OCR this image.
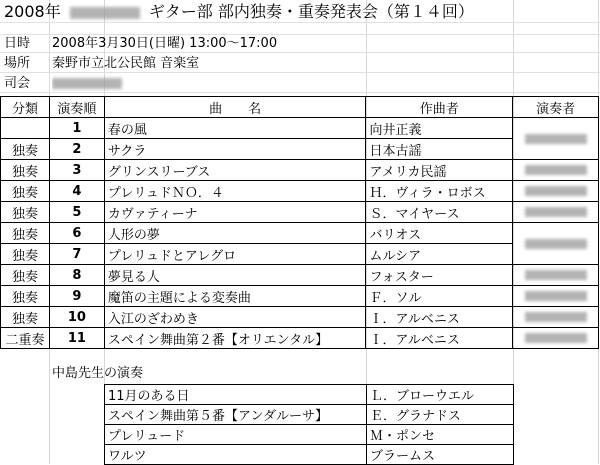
2008年	ギター部 部内独奏・重奏発表会（第１４回）
日時	2008年3月30日(日曜) 13:00～17:00
場所	秦野市立北公民館 音楽室
司会
分類	演奏順	曲　　名	作曲者	演奏者
	1	春の風	向井正義	
独奏	2	サクラ	日本古謡	
独奏	3	グリンスリーブス	アメリカ民謡	
独奏	4	プレリュドＮＯ．４	Ｈ．ヴィラ・ロボス	
独奏	5	カヴァティーナ	Ｓ．マイヤース	
独奏	6	人形の夢	バリオス	
独奏	7	プレリュドとアレグロ	ムルシア	
独奏	8	夢見る人	フォスター	
独奏	9	魔笛の主題による変奏曲	Ｆ．ソル	
独奏	10	入江のざわめき	Ｉ．アルベニス	
二重奏	11	スペイン舞曲第２番【オリエンタル】	Ｉ．アルベニス	
中島先生の演奏
11月のある日	Ｌ．ブローウエル
スペイン舞曲第５番【アンダルーサ】	Ｅ．グラナドス
プレリュード	Ｍ・ポンセ
ワルツ	ブラームス
